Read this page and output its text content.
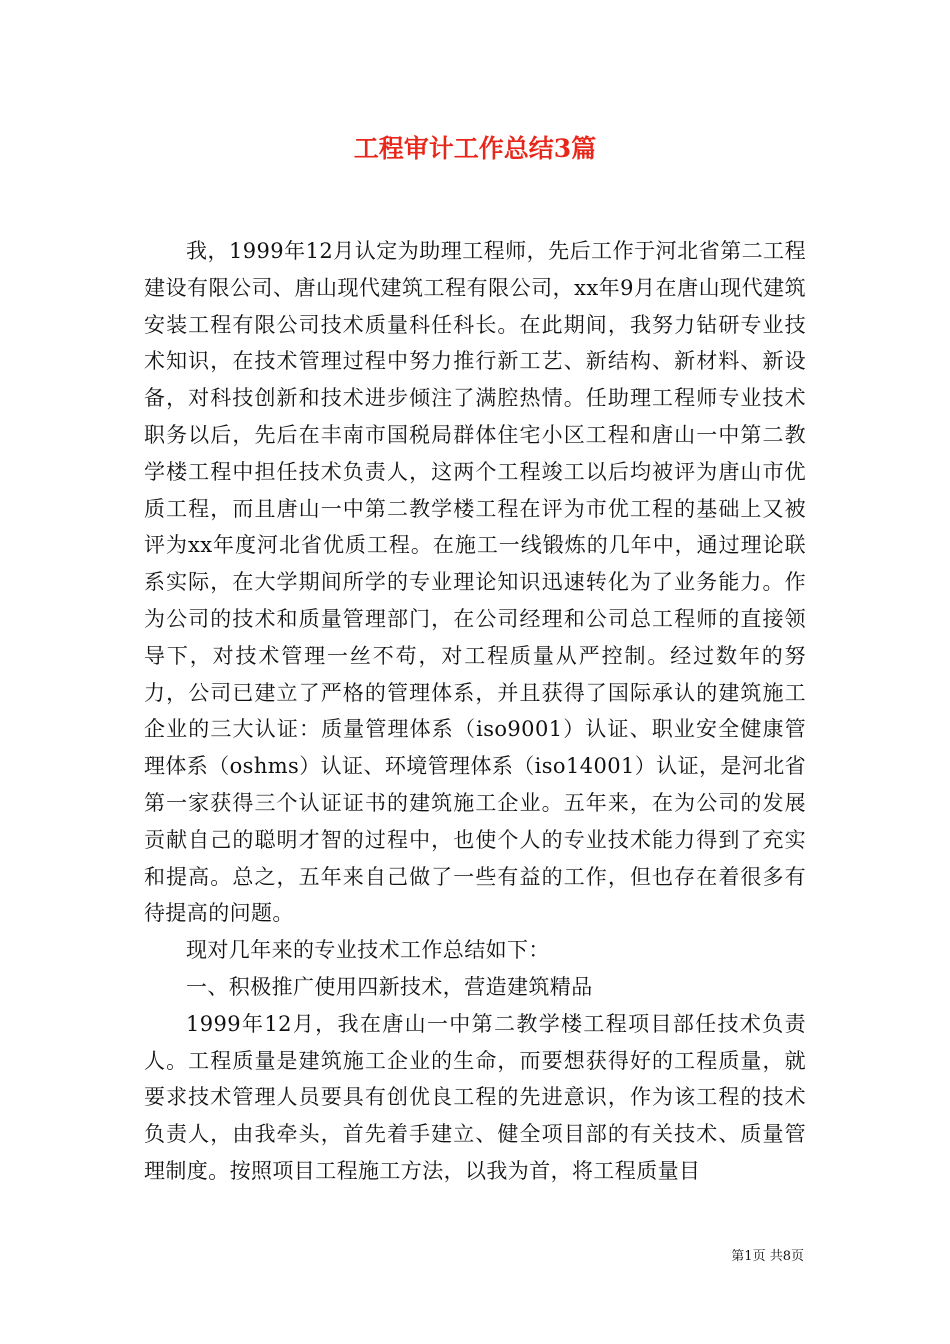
工程审计工作总结3篇

我，1999年12月认定为助理工程师，先后工作于河北省第二工程建设有限公司、唐山现代建筑工程有限公司，xx年9月在唐山现代建筑安装工程有限公司技术质量科任科长。在此期间，我努力钻研专业技术知识，在技术管理过程中努力推行新工艺、新结构、新材料、新设备，对科技创新和技术进步倾注了满腔热情。任助理工程师专业技术职务以后，先后在丰南市国税局群体住宅小区工程和唐山一中第二教学楼工程中担任技术负责人，这两个工程竣工以后均被评为唐山市优质工程，而且唐山一中第二教学楼工程在评为市优工程的基础上又被评为xx年度河北省优质工程。在施工一线锻炼的几年中，通过理论联系实际，在大学期间所学的专业理论知识迅速转化为了业务能力。作为公司的技术和质量管理部门，在公司经理和公司总工程师的直接领导下，对技术管理一丝不苟，对工程质量从严控制。经过数年的努力，公司已建立了严格的管理体系，并且获得了国际承认的建筑施工企业的三大认证：质量管理体系（iso9001）认证、职业安全健康管理体系（oshms）认证、环境管理体系（iso14001）认证，是河北省第一家获得三个认证证书的建筑施工企业。五年来，在为公司的发展贡献自己的聪明才智的过程中，也使个人的专业技术能力得到了充实和提高。总之，五年来自己做了一些有益的工作，但也存在着很多有待提高的问题。

现对几年来的专业技术工作总结如下：

一、积极推广使用四新技术，营造建筑精品

1999年12月，我在唐山一中第二教学楼工程项目部任技术负责人。工程质量是建筑施工企业的生命，而要想获得好的工程质量，就要求技术管理人员要具有创优良工程的先进意识，作为该工程的技术负责人，由我牵头，首先着手建立、健全项目部的有关技术、质量管理制度。按照项目工程施工方法，以我为首，将工程质量目

第1页 共8页
